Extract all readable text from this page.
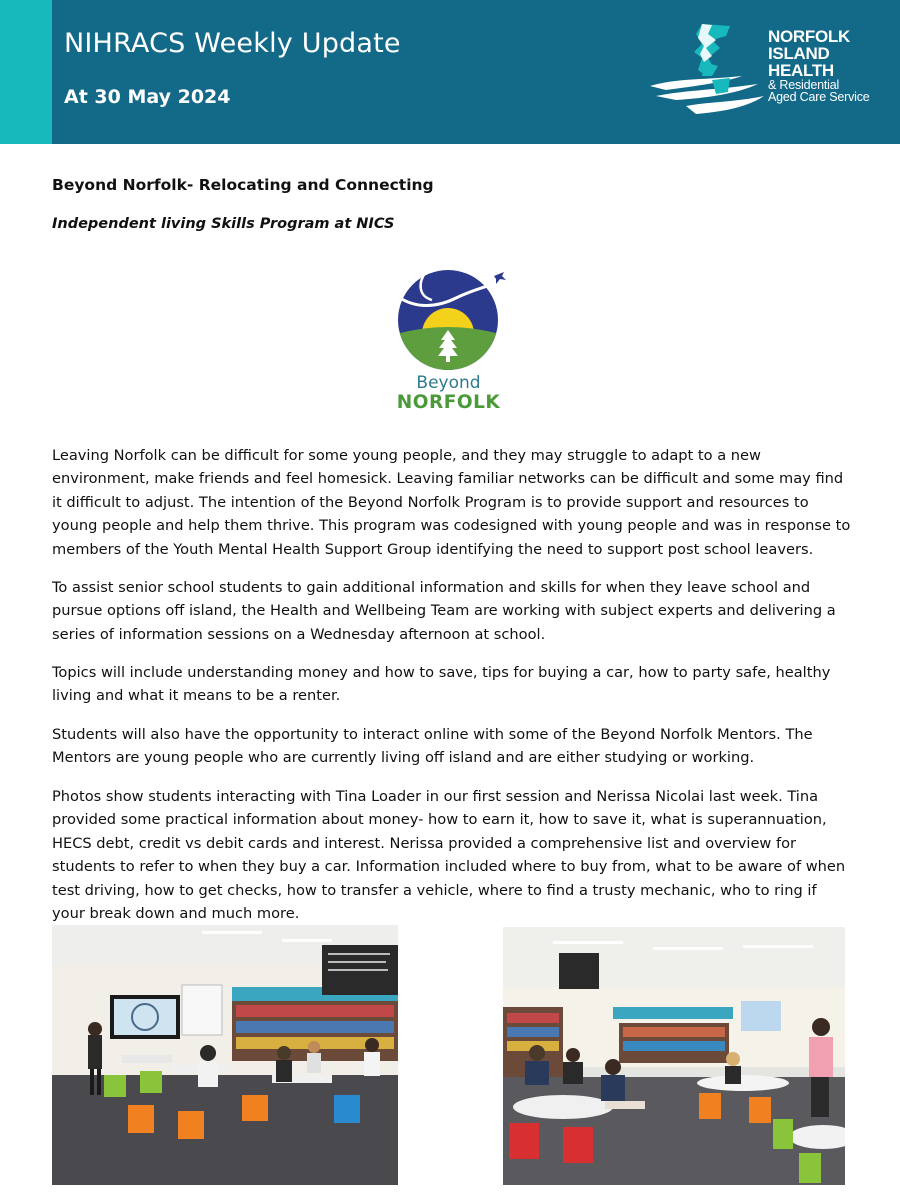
NIHRACS Weekly Update
At 30 May 2024
NORFOLK
ISLAND
HEALTH
& Residential
Aged Care Service
Beyond Norfolk- Relocating and Connecting
Independent living Skills Program at NICS
Beyond
NORFOLK

Leaving Norfolk can be difficult for some young people, and they may struggle to adapt to a new environment, make friends and feel homesick. Leaving familiar networks can be difficult and some may find it difficult to adjust. The intention of the Beyond Norfolk Program is to provide support and resources to young people and help them thrive. This program was codesigned with young people and was in response to members of the Youth Mental Health Support Group identifying the need to support post school leavers.

To assist senior school students to gain additional information and skills for when they leave school and pursue options off island, the Health and Wellbeing Team are working with subject experts and delivering a series of information sessions on a Wednesday afternoon at school.

Topics will include understanding money and how to save, tips for buying a car, how to party safe, healthy living and what it means to be a renter.

Students will also have the opportunity to interact online with some of the Beyond Norfolk Mentors. The Mentors are young people who are currently living off island and are either studying or working.

Photos show students interacting with Tina Loader in our first session and Nerissa Nicolai last week. Tina provided some practical information about money- how to earn it, how to save it, what is superannuation, HECS debt, credit vs debit cards and interest. Nerissa provided a comprehensive list and overview for students to refer to when they buy a car. Information included where to buy from, what to be aware of when test driving, how to get checks, how to transfer a vehicle, where to find a trusty mechanic, who to ring if your break down and much more.
